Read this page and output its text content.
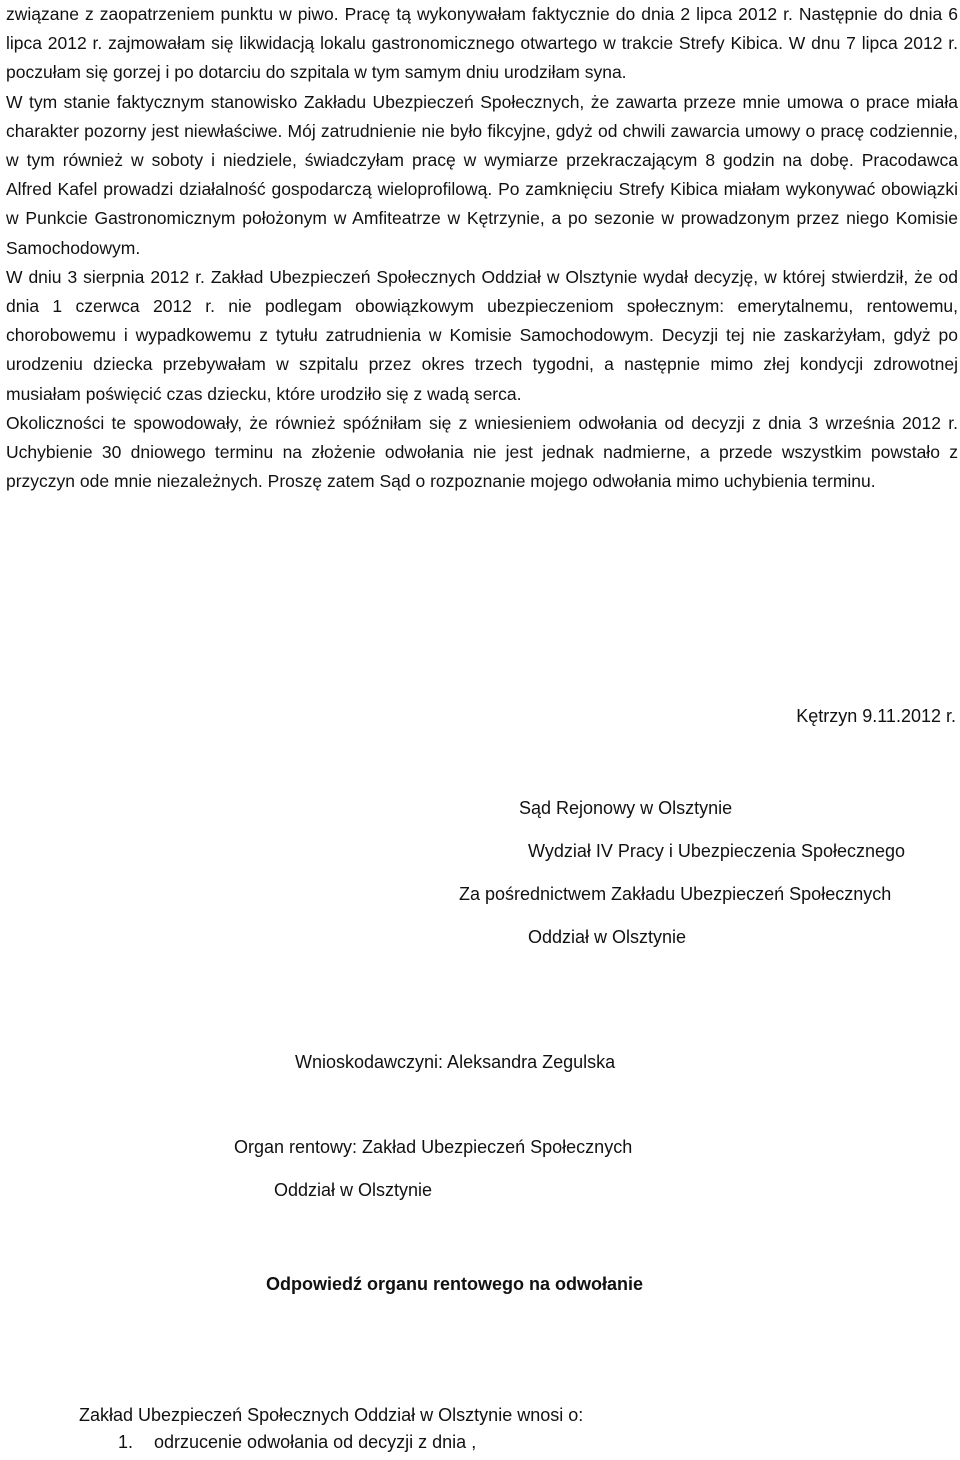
związane z zaopatrzeniem punktu w piwo. Pracę tą wykonywałam faktycznie do dnia 2 lipca 2012 r. Następnie do dnia 6 lipca 2012 r. zajmowałam się likwidacją lokalu gastronomicznego otwartego w trakcie Strefy Kibica. W dnu 7 lipca 2012 r. poczułam się gorzej i po dotarciu do szpitala w tym samym dniu urodziłam syna.

W tym stanie faktycznym stanowisko Zakładu Ubezpieczeń Społecznych, że zawarta przeze mnie umowa o prace miała charakter pozorny jest niewłaściwe. Mój zatrudnienie nie było fikcyjne, gdyż od chwili zawarcia umowy o pracę codziennie, w tym również w soboty i niedziele, świadczyłam pracę w wymiarze przekraczającym 8 godzin na dobę. Pracodawca Alfred Kafel prowadzi działalność gospodarczą wieloprofilową. Po zamknięciu Strefy Kibica miałam wykonywać obowiązki w Punkcie Gastronomicznym położonym w Amfiteatrze w Kętrzynie, a po sezonie w prowadzonym przez niego Komisie Samochodowym.

W dniu 3 sierpnia 2012 r. Zakład Ubezpieczeń Społecznych Oddział w Olsztynie wydał decyzję, w której stwierdził, że od dnia 1 czerwca 2012 r. nie podlegam obowiązkowym ubezpieczeniom społecznym: emerytalnemu, rentowemu, chorobowemu i wypadkowemu z tytułu zatrudnienia w Komisie Samochodowym. Decyzji tej nie zaskarżyłam, gdyż po urodzeniu dziecka przebywałam w szpitalu przez okres trzech tygodni, a następnie mimo złej kondycji zdrowotnej musiałam poświęcić czas dziecku, które urodziło się z wadą serca.

Okoliczności te spowodowały, że również spóźniłam się z wniesieniem odwołania od decyzji z dnia 3 września 2012 r. Uchybienie 30 dniowego terminu na złożenie odwołania nie jest jednak nadmierne, a przede wszystkim powstało z przyczyn ode mnie niezależnych. Proszę zatem Sąd o rozpoznanie mojego odwołania mimo uchybienia terminu.

Kętrzyn 9.11.2012 r.
Sąd Rejonowy w Olsztynie
Wydział IV Pracy i Ubezpieczenia Społecznego
Za pośrednictwem Zakładu Ubezpieczeń Społecznych
Oddział w Olsztynie
Wnioskodawczyni: Aleksandra Zegulska
Organ rentowy: Zakład Ubezpieczeń Społecznych
Oddział w Olsztynie
Odpowiedź organu rentowego na odwołanie
Zakład Ubezpieczeń Społecznych Oddział w Olsztynie wnosi o:
1. odrzucenie odwołania od decyzji z dnia ,
